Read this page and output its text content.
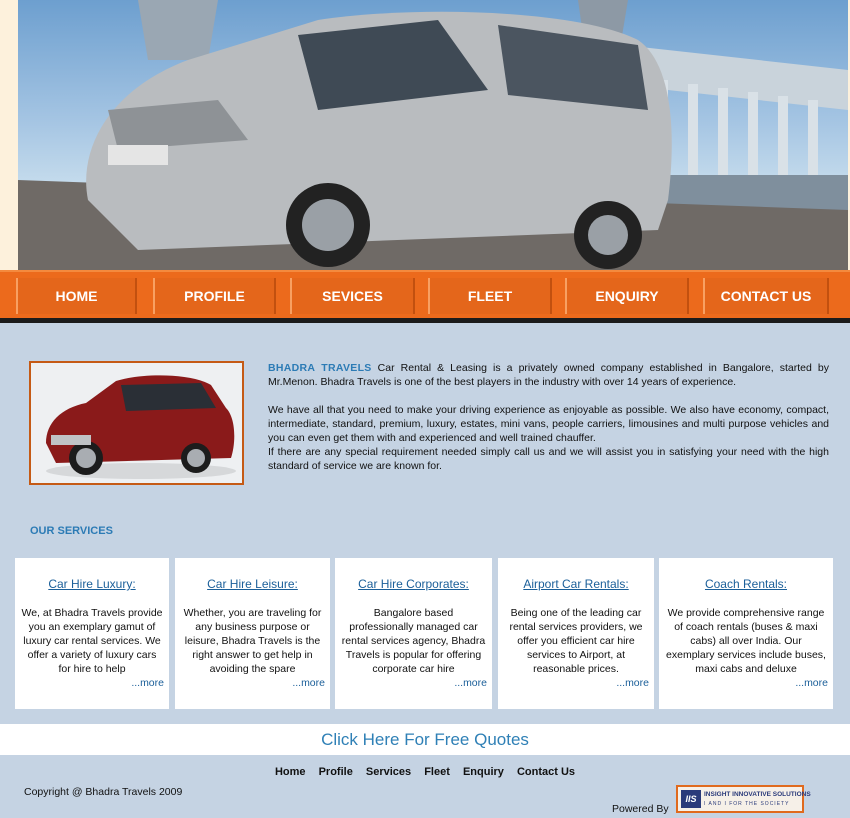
HOME	PROFILE	SEVICES	FLEET	ENQUIRY	CONTACT US

BHADRA TRAVELS Car Rental & Leasing is a privately owned company established in Bangalore, started by Mr.Menon. Bhadra Travels is one of the best players in the industry with over 14 years of experience.

We have all that you need to make your driving experience as enjoyable as possible. We also have economy, compact, intermediate, standard, premium, luxury, estates, mini vans, people carriers, limousines and multi purpose vehicles and you can even get them with and experienced and well trained chauffer.

If there are any special requirement needed simply call us and we will assist you in satisfying your need with the high standard of service we are known for.

OUR SERVICES
Car Hire Luxury:
We, at Bhadra Travels provide you an exemplary gamut of luxury car rental services. We offer a variety of luxury cars for hire to help
...more
Car Hire Leisure:
Whether, you are traveling for any business purpose or leisure, Bhadra Travels is the right answer to get help in avoiding the spare
...more
Car Hire Corporates:
Bangalore based professionally managed car rental services agency, Bhadra Travels is popular for offering corporate car hire
...more
Airport Car Rentals:
Being one of the leading car rental services providers, we offer you efficient car hire services to Airport, at reasonable prices.
...more
Coach Rentals:
We provide comprehensive range of coach rentals (buses & maxi cabs) all over India. Our exemplary services include buses, maxi cabs and deluxe
...more
Click Here For Free Quotes
Home Profile Services Fleet Enquiry Contact Us
Copyright @ Bhadra Travels 2009
Powered By
IIS	INSIGHT INNOVATIVE SOLUTIONS
I AND I FOR THE SOCIETY
